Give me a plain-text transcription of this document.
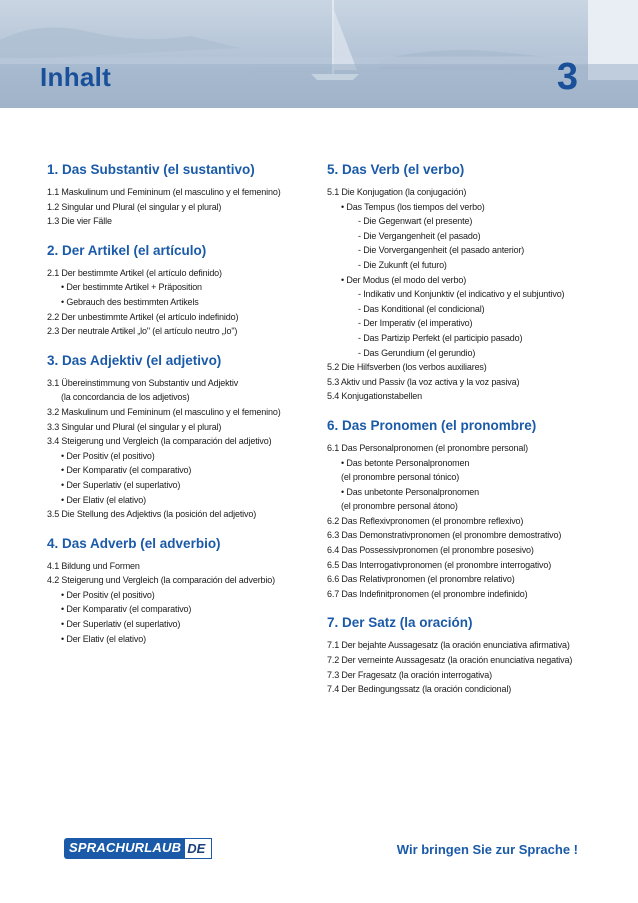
Inhalt	3
1. Das Substantiv (el sustantivo)
1.1 Maskulinum und Femininum (el masculino y el femenino)
1.2 Singular und Plural (el singular y el plural)
1.3 Die vier Fälle
2. Der Artikel (el artículo)
2.1 Der bestimmte Artikel (el artículo definido)
• Der bestimmte Artikel + Präposition
• Gebrauch des bestimmten Artikels
2.2 Der unbestimmte Artikel (el artículo indefinido)
2.3 Der neutrale Artikel „lo" (el artículo neutro „lo")
3. Das Adjektiv (el adjetivo)
3.1 Übereinstimmung von Substantiv und Adjektiv
(la concordancia de los adjetivos)
3.2 Maskulinum und Femininum (el masculino y el femenino)
3.3 Singular und Plural (el singular y el plural)
3.4 Steigerung und Vergleich (la comparación del adjetivo)
• Der Positiv (el positivo)
• Der Komparativ (el comparativo)
• Der Superlativ (el superlativo)
• Der Elativ (el elativo)
3.5 Die Stellung des Adjektivs (la posición del adjetivo)
4. Das Adverb (el adverbio)
4.1 Bildung und Formen
4.2 Steigerung und Vergleich (la comparación del adverbio)
• Der Positiv (el positivo)
• Der Komparativ (el comparativo)
• Der Superlativ (el superlativo)
• Der Elativ (el elativo)
5. Das Verb (el verbo)
5.1 Die Konjugation (la conjugación)
• Das Tempus (los tiempos del verbo)
- Die Gegenwart (el presente)
- Die Vergangenheit (el pasado)
- Die Vorvergangenheit (el pasado anterior)
- Die Zukunft (el futuro)
• Der Modus (el modo del verbo)
- Indikativ und Konjunktiv (el indicativo y el subjuntivo)
- Das Konditional (el condicional)
- Der Imperativ (el imperativo)
- Das Partizip Perfekt (el participio pasado)
- Das Gerundium (el gerundio)
5.2 Die Hilfsverben (los verbos auxiliares)
5.3 Aktiv und Passiv (la voz activa y la voz pasiva)
5.4 Konjugationstabellen
6. Das Pronomen (el pronombre)
6.1 Das Personalpronomen (el pronombre personal)
• Das betonte Personalpronomen
(el pronombre personal tónico)
• Das unbetonte Personalpronomen
(el pronombre personal átono)
6.2 Das Reflexivpronomen (el pronombre reflexivo)
6.3 Das Demonstrativpronomen (el pronombre demostrativo)
6.4 Das Possessivpronomen (el pronombre posesivo)
6.5 Das Interrogativpronomen (el pronombre interrogativo)
6.6 Das Relativpronomen (el pronombre relativo)
6.7 Das Indefinitpronomen (el pronombre indefinido)
7. Der Satz (la oración)
7.1 Der bejahte Aussagesatz (la oración enunciativa afirmativa)
7.2 Der verneinte Aussagesatz (la oración enunciativa negativa)
7.3 Der Fragesatz (la oración interrogativa)
7.4 Der Bedingungssatz (la oración condicional)
SPRACHURLAUB DE	Wir bringen Sie zur Sprache !
